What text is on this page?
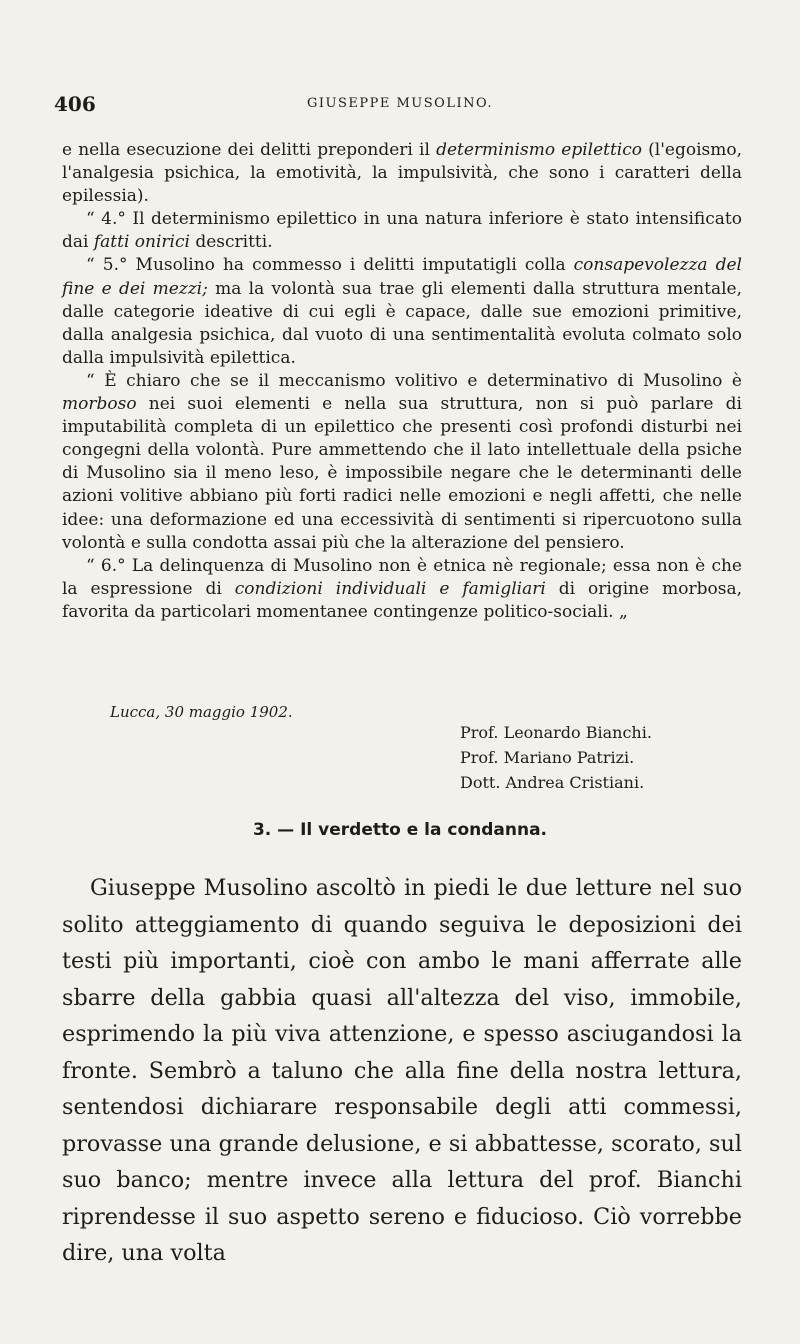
406	GIUSEPPE MUSOLINO.

e nella esecuzione dei delitti preponderi il determinismo epilettico (l'egoismo, l'analgesia psichica, la emotività, la impulsività, che sono i caratteri della epilessia).

“ 4.° Il determinismo epilettico in una natura inferiore è stato intensificato dai fatti onirici descritti.

“ 5.° Musolino ha commesso i delitti imputatigli colla consapevolezza del fine e dei mezzi; ma la volontà sua trae gli elementi dalla struttura mentale, dalle categorie ideative di cui egli è capace, dalle sue emozioni primitive, dalla analgesia psichica, dal vuoto di una sentimentalità evoluta colmato solo dalla impulsività epilettica.

“ È chiaro che se il meccanismo volitivo e determinativo di Musolino è morboso nei suoi elementi e nella sua struttura, non si può parlare di imputabilità completa di un epilettico che presenti così profondi disturbi nei congegni della volontà. Pure ammettendo che il lato intellettuale della psiche di Musolino sia il meno leso, è impossibile negare che le determinanti delle azioni volitive abbiano più forti radici nelle emozioni e negli affetti, che nelle idee: una deformazione ed una eccessività di sentimenti si ripercuotono sulla volontà e sulla condotta assai più che la alterazione del pensiero.

“ 6.° La delinquenza di Musolino non è etnica nè regionale; essa non è che la espressione di condizioni individuali e famigliari di origine morbosa, favorita da particolari momentanee contingenze politico-sociali. „

Lucca, 30 maggio 1902.
Prof. Leonardo Bianchi.
Prof. Mariano Patrizi.
Dott. Andrea Cristiani.
3. — Il verdetto e la condanna.

Giuseppe Musolino ascoltò in piedi le due letture nel suo solito atteggiamento di quando seguiva le deposizioni dei testi più importanti, cioè con ambo le mani afferrate alle sbarre della gabbia quasi all'altezza del viso, immobile, esprimendo la più viva attenzione, e spesso asciugandosi la fronte. Sembrò a taluno che alla fine della nostra lettura, sentendosi dichiarare responsabile degli atti commessi, provasse una grande delusione, e si abbattesse, scorato, sul suo banco; mentre invece alla lettura del prof. Bianchi riprendesse il suo aspetto sereno e fiducioso. Ciò vorrebbe dire, una volta
